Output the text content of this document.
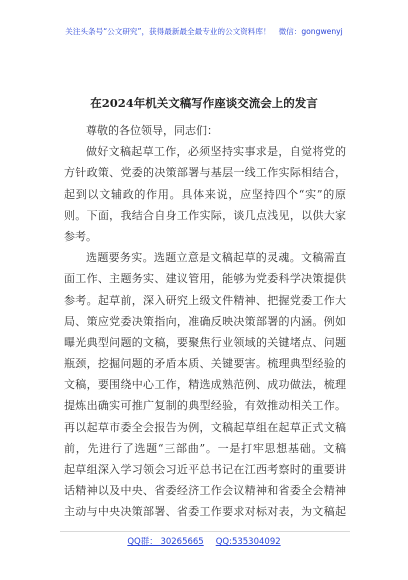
关注头条号“公文研究”，获得最新最全最专业的公文资料库！ 微信：gongwenyj
在2024年机关文稿写作座谈交流会上的发言
尊敬的各位领导，同志们：
做好文稿起草工作，必须坚持实事求是，自觉将党的
方针政策、党委的决策部署与基层一线工作实际相结合，
起到以文辅政的作用。具体来说，应坚持四个“实”的原
则。下面，我结合自身工作实际，谈几点浅见，以供大家
参考。
选题要务实。选题立意是文稿起草的灵魂。文稿需直
面工作、主题务实、建议管用，能够为党委科学决策提供
参考。起草前，深入研究上级文件精神、把握党委工作大
局、策应党委决策指向，准确反映决策部署的内涵。例如
曝光典型问题的文稿，要聚焦行业领域的关键堵点、问题
瓶颈，挖掘问题的矛盾本质、关键要害。梳理典型经验的
文稿，要围绕中心工作，精选成熟范例、成功做法，梳理
提炼出确实可推广复制的典型经验，有效推动相关工作。
再以起草市委全会报告为例，文稿起草组在起草正式文稿
前，先进行了选题“三部曲”。一是打牢思想基础。文稿
起草组深入学习领会习近平总书记在江西考察时的重要讲
话精神以及中央、省委经济工作会议精神和省委全会精神
主动与中央决策部署、省委工作要求对标对表，为文稿起
QQ群： 30265665 QQ:535304092
